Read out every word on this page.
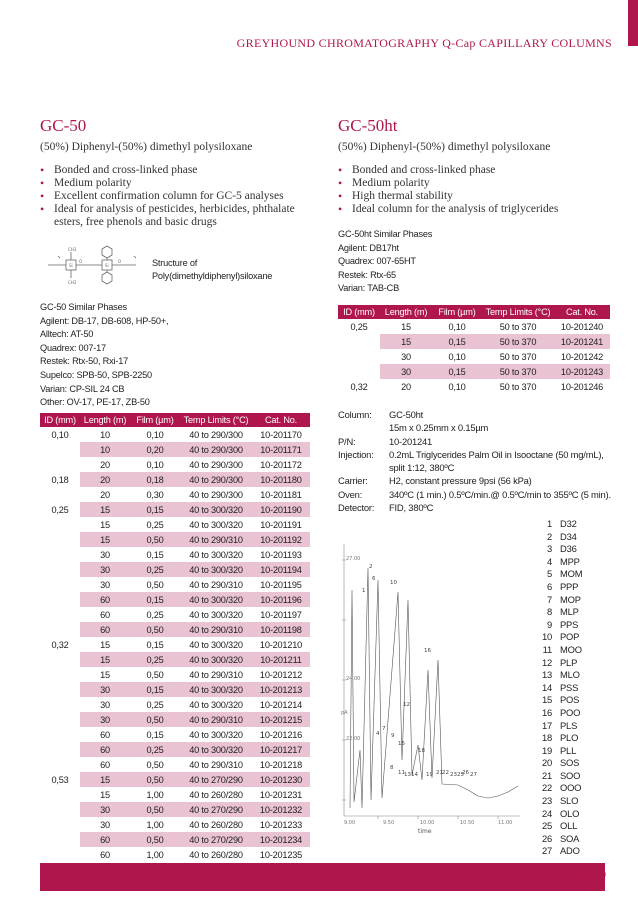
GREYHOUND CHROMATOGRAPHY Q-Cap CAPILLARY COLUMNS
GC-50
(50%) Diphenyl-(50%) dimethyl polysiloxane
• Bonded and cross-linked phase
• Medium polarity
• Excellent confirmation column for GC-5 analyses
• Ideal for analysis of pesticides, herbicides, phthalate esters, free phenols and basic drugs
CH3
CH3
Si	Si
O	O	Structure of
Poly(dimethyldiphenyl)siloxane
GC-50 Similar Phases
Agilent: DB-17, DB-608, HP-50+,
Alltech: AT-50
Quadrex: 007-17
Restek: Rtx-50, Rxi-17
Supelco: SPB-50, SPB-2250
Varian: CP-SIL 24 CB
Other: OV-17, PE-17, ZB-50
ID (mm)	Length (m)	Film (µm)	Temp Limits (°C)	Cat. No.
0,10	10	0,10	40 to 290/300	10-201170
	10	0,20	40 to 290/300	10-201171
	20	0,10	40 to 290/300	10-201172
0,18	20	0,18	40 to 290/300	10-201180
	20	0,30	40 to 290/300	10-201181
0,25	15	0,15	40 to 300/320	10-201190
	15	0,25	40 to 300/320	10-201191
	15	0,50	40 to 290/310	10-201192
	30	0,15	40 to 300/320	10-201193
	30	0,25	40 to 300/320	10-201194
	30	0,50	40 to 290/310	10-201195
	60	0,15	40 to 300/320	10-201196
	60	0,25	40 to 300/320	10-201197
	60	0,50	40 to 290/310	10-201198
0,32	15	0,15	40 to 300/320	10-201210
	15	0,25	40 to 300/320	10-201211
	15	0,50	40 to 290/310	10-201212
	30	0,15	40 to 300/320	10-201213
	30	0,25	40 to 300/320	10-201214
	30	0,50	40 to 290/310	10-201215
	60	0,15	40 to 300/320	10-201216
	60	0,25	40 to 300/320	10-201217
	60	0,50	40 to 290/310	10-201218
0,53	15	0,50	40 to 270/290	10-201230
	15	1,00	40 to 260/280	10-201231
	30	0,50	40 to 270/290	10-201232
	30	1,00	40 to 260/280	10-201233
	60	0,50	40 to 270/290	10-201234
	60	1,00	40 to 260/280	10-201235
GC-50ht
(50%) Diphenyl-(50%) dimethyl polysiloxane
• Bonded and cross-linked phase
• Medium polarity
• High thermal stability
• Ideal column for the analysis of triglycerides
GC-50ht Similar Phases
Agilent: DB17ht
Quadrex: 007-65HT
Restek: Rtx-65
Varian: TAB-CB
ID (mm)	Length (m)	Film (µm)	Temp Limits (°C)	Cat. No.
0,25	15	0,10	50 to 370	10-201240
	15	0,15	50 to 370	10-201241
	30	0,10	50 to 370	10-201242
	30	0,15	50 to 370	10-201243
0,32	20	0,10	50 to 370	10-201246
Column:	GC-50ht
15m x 0.25mm x 0.15µm
P/N:	10-201241
Injection:	0.2mL Triglycerides Palm Oil in Isooctane (50 mg/mL),
split 1:12, 380ºC
Carrier:	H2, constant pressure 9psi (56 kPa)
Oven:	340ºC (1 min.) 0.5ºC/min.@ 0.5ºC/min to 355ºC (5 min).
Detector:	FID, 380ºC
27.00
24.00
22.00
pA
9.00	9.50	10.00	10.50	11.00
1
2
6
10
12
16
4
7
9
15
18
8
11 13 14 19 21 22 2325
26 27
time
1 D32
2 D34
3 D36
4 MPP
5 MOM
6 PPP
7 MOP
8 MLP
9 PPS
10 POP
11 MOO
12 PLP
13 MLO
14 PSS
15 POS
16 POO
17 PLS
18 PLO
19 PLL
20 SOS
21 SOO
22 OOO
23 SLO
24 OLO
25 OLL
26 SOA
27 ADO
Page 39
